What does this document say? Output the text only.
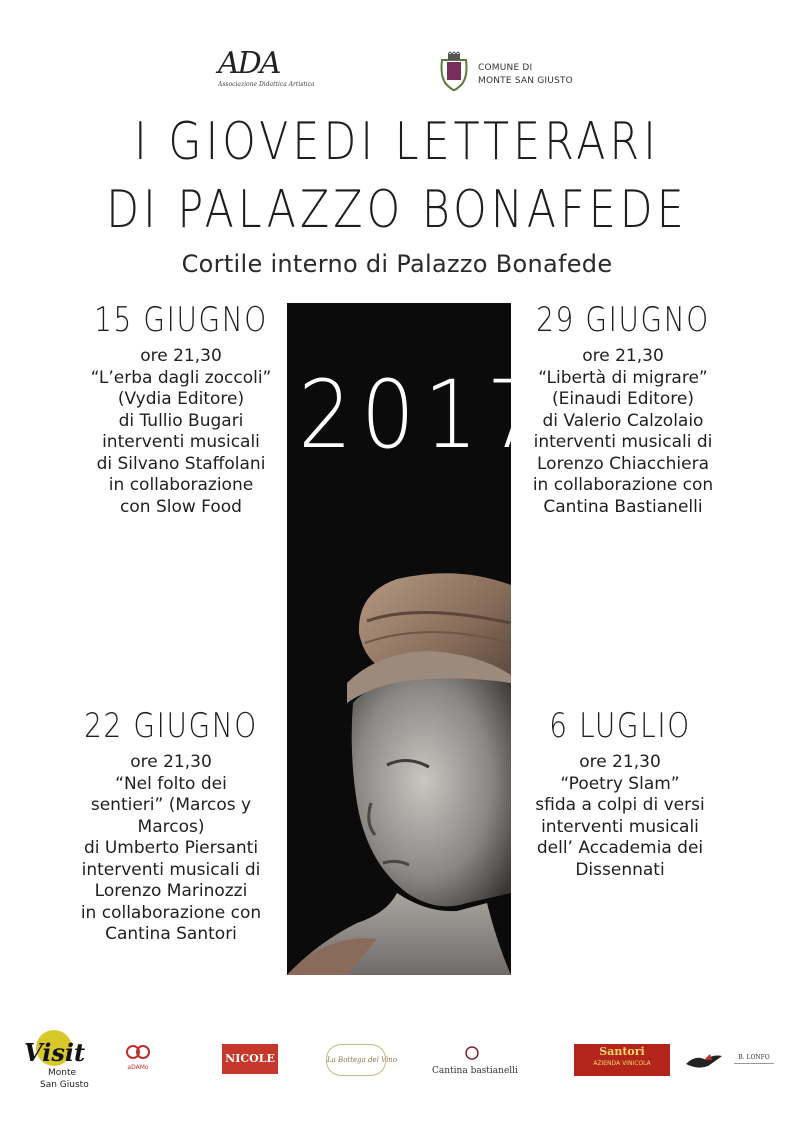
ADA
Associazione Didattica Artistica
COMUNE DI
MONTE SAN GIUSTO
I GIOVEDI LETTERARI
DI PALAZZO BONAFEDE
Cortile interno di Palazzo Bonafede
2017
15 GIUGNO
ore 21,30
“L’erba dagli zoccoli”
(Vydia Editore)
di Tullio Bugari
interventi musicali
di Silvano Staffolani
in collaborazione
con Slow Food
29 GIUGNO
ore 21,30
“Libertà di migrare”
(Einaudi Editore)
di Valerio Calzolaio
interventi musicali di
Lorenzo Chiacchiera
in collaborazione con
Cantina Bastianelli
22 GIUGNO
ore 21,30
“Nel folto dei
sentieri” (Marcos y
Marcos)
di Umberto Piersanti
interventi musicali di
Lorenzo Marinozzi
in collaborazione con
Cantina Santori
6 LUGLIO
ore 21,30
“Poetry Slam”
sfida a colpi di versi
interventi musicali
dell’ Accademia dei
Dissennati
Visit
Monte
San Giusto
aDAMo
NICOLE	La Bottega del Vino
Cantina bastianelli
Santori
AZIENDA VINICOLA
B. LONFO
